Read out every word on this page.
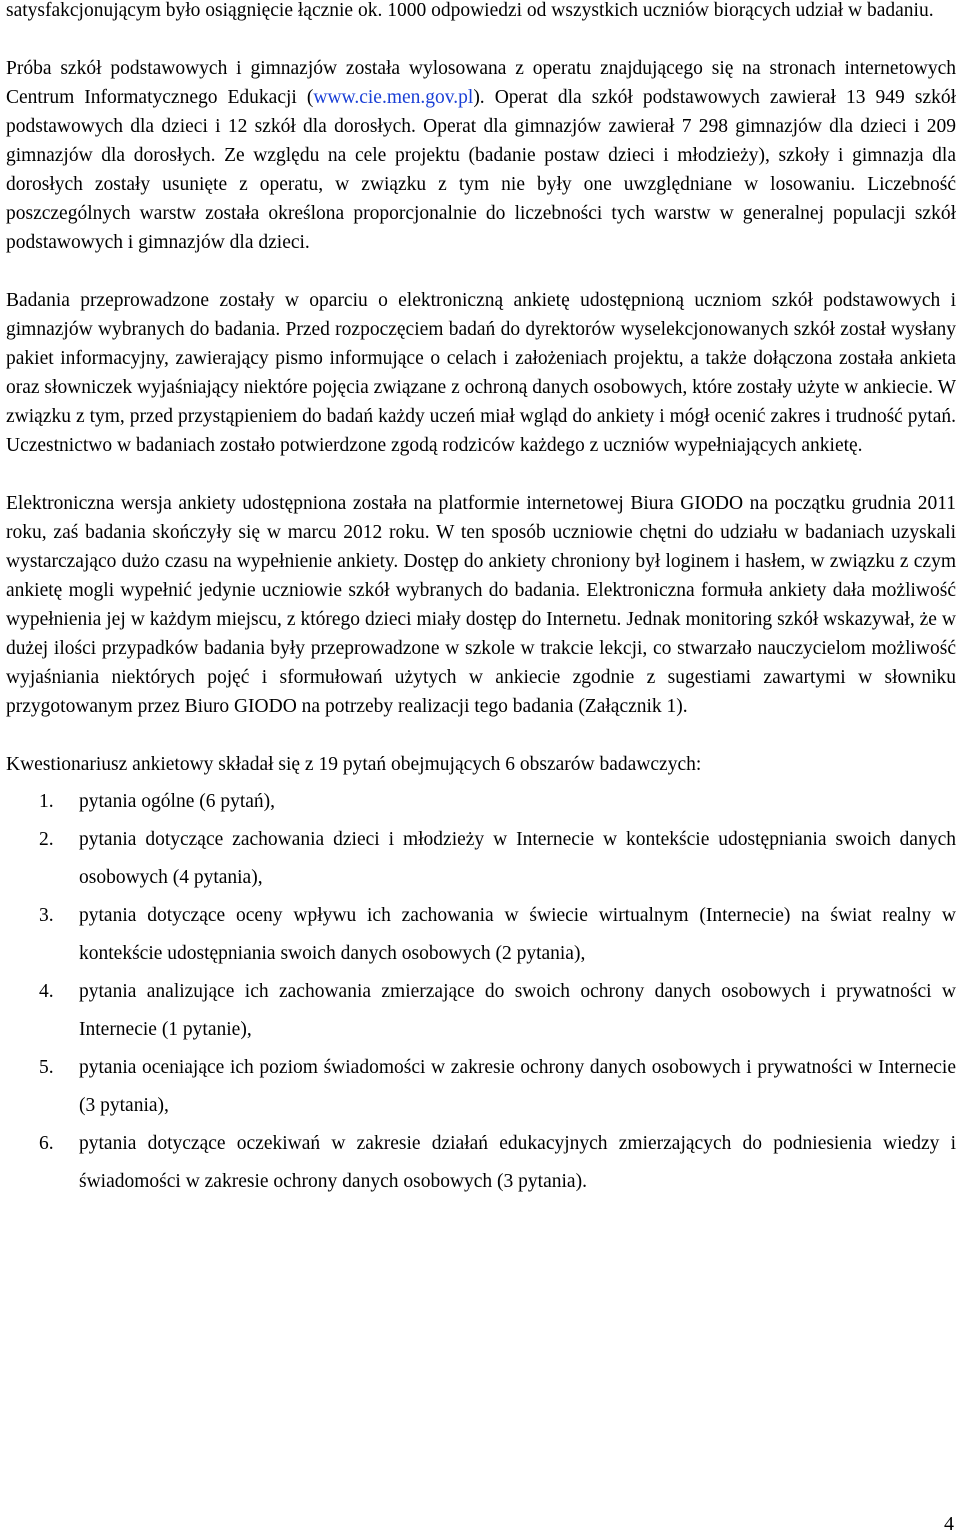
satysfakcjonującym było osiągnięcie łącznie ok. 1000 odpowiedzi od wszystkich uczniów biorących udział w badaniu.

Próba szkół podstawowych i gimnazjów została wylosowana z operatu znajdującego się na stronach internetowych Centrum Informatycznego Edukacji (www.cie.men.gov.pl). Operat dla szkół podstawowych zawierał 13 949 szkół podstawowych dla dzieci i 12 szkół dla dorosłych. Operat dla gimnazjów zawierał 7 298 gimnazjów dla dzieci i 209 gimnazjów dla dorosłych. Ze względu na cele projektu (badanie postaw dzieci i młodzieży), szkoły i gimnazja dla dorosłych zostały usunięte z operatu, w związku z tym nie były one uwzględniane w losowaniu. Liczebność poszczególnych warstw została określona proporcjonalnie do liczebności tych warstw w generalnej populacji szkół podstawowych i gimnazjów dla dzieci.

Badania przeprowadzone zostały w oparciu o elektroniczną ankietę udostępnioną uczniom szkół podstawowych i gimnazjów wybranych do badania. Przed rozpoczęciem badań do dyrektorów wyselekcjonowanych szkół został wysłany pakiet informacyjny, zawierający pismo informujące o celach i założeniach projektu, a także dołączona została ankieta oraz słowniczek wyjaśniający niektóre pojęcia związane z ochroną danych osobowych, które zostały użyte w ankiecie. W związku z tym, przed przystąpieniem do badań każdy uczeń miał wgląd do ankiety i mógł ocenić zakres i trudność pytań. Uczestnictwo w badaniach zostało potwierdzone zgodą rodziców każdego z uczniów wypełniających ankietę.

Elektroniczna wersja ankiety udostępniona została na platformie internetowej Biura GIODO na początku grudnia 2011 roku, zaś badania skończyły się w marcu 2012 roku. W ten sposób uczniowie chętni do udziału w badaniach uzyskali wystarczająco dużo czasu na wypełnienie ankiety. Dostęp do ankiety chroniony był loginem i hasłem, w związku z czym ankietę mogli wypełnić jedynie uczniowie szkół wybranych do badania. Elektroniczna formuła ankiety dała możliwość wypełnienia jej w każdym miejscu, z którego dzieci miały dostęp do Internetu. Jednak monitoring szkół wskazywał, że w dużej ilości przypadków badania były przeprowadzone w szkole w trakcie lekcji, co stwarzało nauczycielom możliwość wyjaśniania niektórych pojęć i sformułowań użytych w ankiecie zgodnie z sugestiami zawartymi w słowniku przygotowanym przez Biuro GIODO na potrzeby realizacji tego badania (Załącznik 1).

Kwestionariusz ankietowy składał się z 19 pytań obejmujących 6 obszarów badawczych:

1. pytania ogólne (6 pytań),
2. pytania dotyczące zachowania dzieci i młodzieży w Internecie w kontekście udostępniania swoich danych osobowych (4 pytania),
3. pytania dotyczące oceny wpływu ich zachowania w świecie wirtualnym (Internecie) na świat realny w kontekście udostępniania swoich danych osobowych (2 pytania),
4. pytania analizujące ich zachowania zmierzające do swoich ochrony danych osobowych i prywatności w Internecie (1 pytanie),
5. pytania oceniające ich poziom świadomości w zakresie ochrony danych osobowych i prywatności w Internecie (3 pytania),
6. pytania dotyczące oczekiwań w zakresie działań edukacyjnych zmierzających do podniesienia wiedzy i świadomości w zakresie ochrony danych osobowych (3 pytania).
4
